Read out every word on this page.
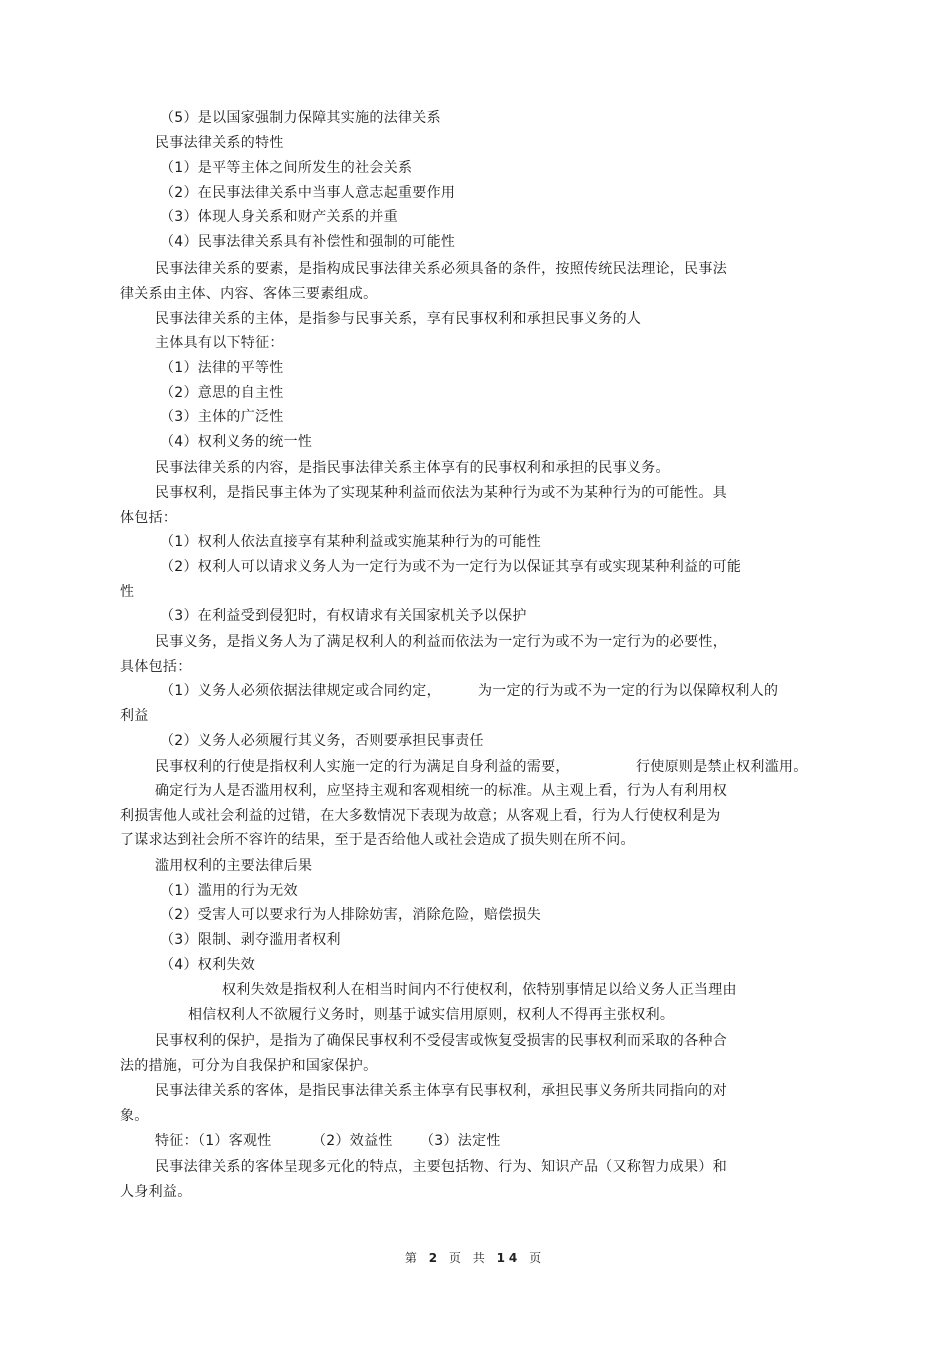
（5）是以国家强制力保障其实施的法律关系
民事法律关系的特性
（1）是平等主体之间所发生的社会关系
（2）在民事法律关系中当事人意志起重要作用
（3）体现人身关系和财产关系的并重
（4）民事法律关系具有补偿性和强制的可能性
民事法律关系的要素，是指构成民事法律关系必须具备的条件，按照传统民法理论，民事法
律关系由主体、内容、客体三要素组成。
民事法律关系的主体，是指参与民事关系，享有民事权利和承担民事义务的人
主体具有以下特征：
（1）法律的平等性
（2）意思的自主性
（3）主体的广泛性
（4）权利义务的统一性
民事法律关系的内容，是指民事法律关系主体享有的民事权利和承担的民事义务。
民事权利，是指民事主体为了实现某种利益而依法为某种行为或不为某种行为的可能性。具
体包括：
（1）权利人依法直接享有某种利益或实施某种行为的可能性
（2）权利人可以请求义务人为一定行为或不为一定行为以保证其享有或实现某种利益的可能
性
（3）在利益受到侵犯时，有权请求有关国家机关予以保护
民事义务，是指义务人为了满足权利人的利益而依法为一定行为或不为一定行为的必要性，
具体包括：
（1）义务人必须依据法律规定或合同约定，	为一定的行为或不为一定的行为以保障权利人的
利益
（2）义务人必须履行其义务，否则要承担民事责任
民事权利的行使是指权利人实施一定的行为满足自身利益的需要，	行使原则是禁止权利滥用。
确定行为人是否滥用权利，应坚持主观和客观相统一的标准。从主观上看，行为人有利用权
利损害他人或社会利益的过错，在大多数情况下表现为故意；从客观上看，行为人行使权利是为
了谋求达到社会所不容许的结果，至于是否给他人或社会造成了损失则在所不问。
滥用权利的主要法律后果
（1）滥用的行为无效
（2）受害人可以要求行为人排除妨害，消除危险，赔偿损失
（3）限制、剥夺滥用者权利
（4）权利失效
权利失效是指权利人在相当时间内不行使权利，依特别事情足以给义务人正当理由
相信权利人不欲履行义务时，则基于诚实信用原则，权利人不得再主张权利。
民事权利的保护，是指为了确保民事权利不受侵害或恢复受损害的民事权利而采取的各种合
法的措施，可分为自我保护和国家保护。
民事法律关系的客体，是指民事法律关系主体享有民事权利，承担民事义务所共同指向的对
象。
特征：（1）客观性	（2）效益性 （3）法定性
民事法律关系的客体呈现多元化的特点，主要包括物、行为、知识产品（又称智力成果）和
人身利益。
第 2 页 共 14 页
